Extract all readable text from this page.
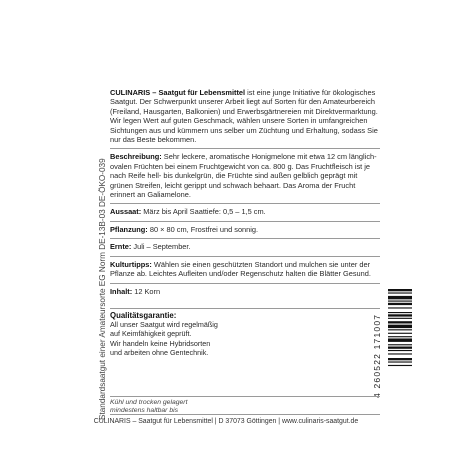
Standardsaatgut einer Amateursorte EG Norm DE-13B-03 DE-ÖKO-039
CULINARIS – Saatgut für Lebensmittel ist eine junge Initiative für ökologisches Saatgut. Der Schwerpunkt unserer Arbeit liegt auf Sorten für den Amateurbereich (Freiland, Hausgarten, Balkonien) und Erwerbsgärtnereien mit Direktvermarktung. Wir legen Wert auf guten Geschmack, wählen unsere Sorten in umfangreichen Sichtungen aus und kümmern uns selber um Züchtung und Erhaltung, sodass Sie nur das Beste bekommen.
Beschreibung: Sehr leckere, aromatische Honigmelone mit etwa 12 cm länglich-ovalen Früchten bei einem Fruchtgewicht von ca. 800 g. Das Fruchtfleisch ist je nach Reife hell- bis dunkelgrün, die Früchte sind außen gelblich geprägt mit grünen Streifen, leicht gerippt und schwach behaart. Das Aroma der Frucht erinnert an Galiamelone.
Aussaat: März bis April Saattiefe: 0,5 – 1,5 cm.
Pflanzung: 80 × 80 cm, Frostfrei und sonnig.
Ernte: Juli – September.
Kulturtipps: Wählen sie einen geschützten Standort und mulchen sie unter der Pflanze ab. Leichtes Aufleiten und/oder Regenschutz halten die Blätter Gesund.
Inhalt: 12 Korn
4 260522 171007
Qualitätsgarantie:
All unser Saatgut wird regelmäßig
auf Keimfähigkeit geprüft.
Wir handeln keine Hybridsorten
und arbeiten ohne Gentechnik.
Kühl und trocken gelagert
mindestens haltbar bis
CULINARIS – Saatgut für Lebensmittel | D 37073 Göttingen | www.culinaris-saatgut.de
